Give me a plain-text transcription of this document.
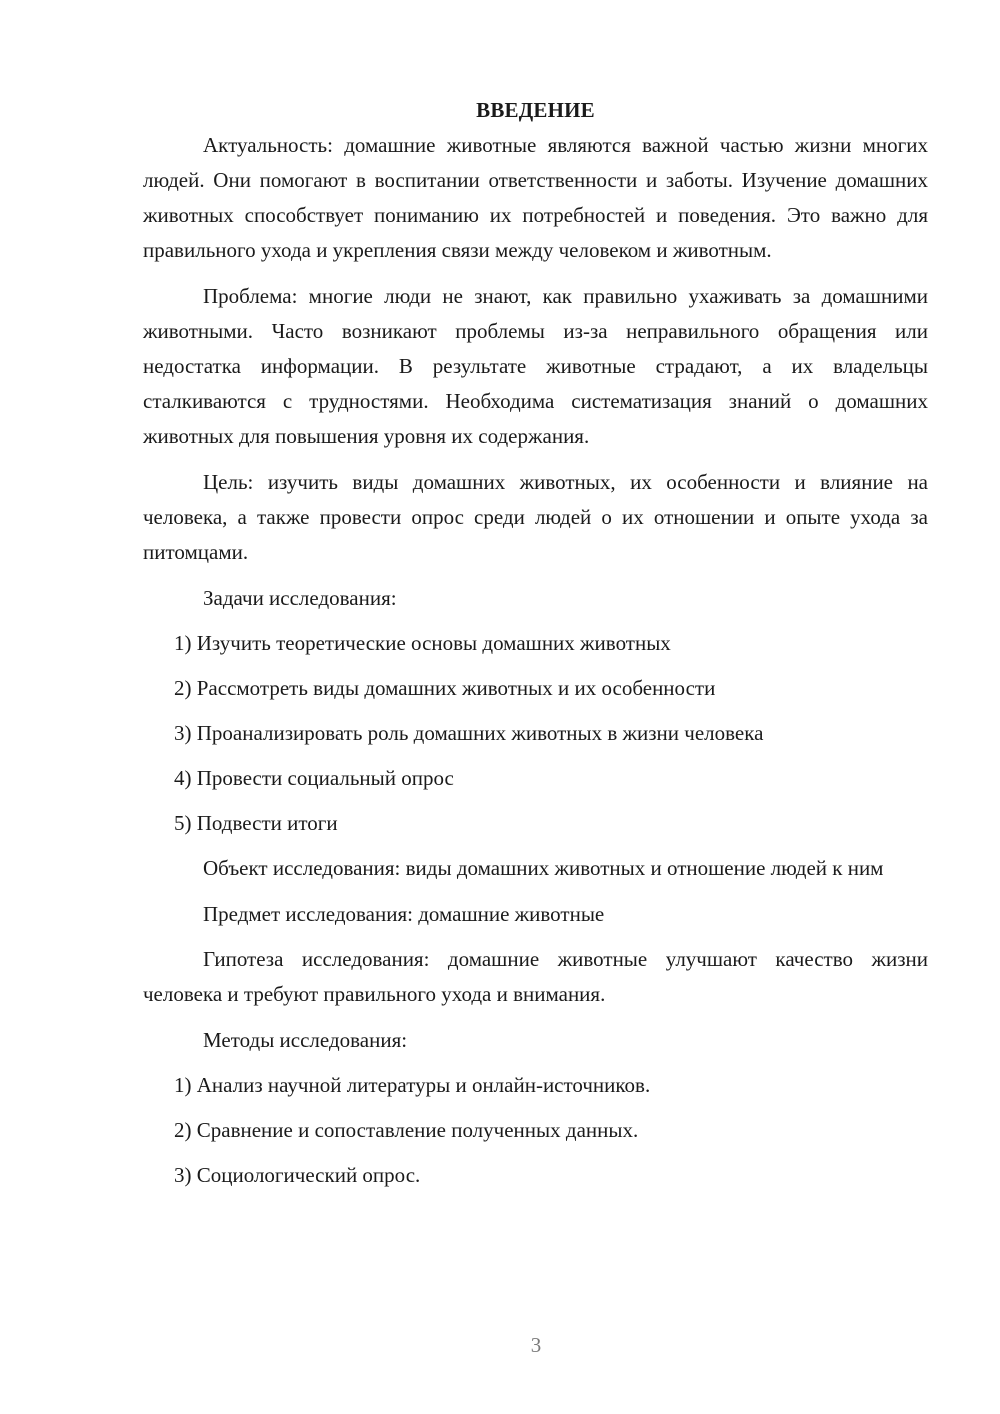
ВВЕДЕНИЕ

Актуальность: домашние животные являются важной частью жизни многих людей. Они помогают в воспитании ответственности и заботы. Изучение домашних животных способствует пониманию их потребностей и поведения. Это важно для правильного ухода и укрепления связи между человеком и животным.

Проблема: многие люди не знают, как правильно ухаживать за домашними животными. Часто возникают проблемы из-за неправильного обращения или недостатка информации. В результате животные страдают, а их владельцы сталкиваются с трудностями. Необходима систематизация знаний о домашних животных для повышения уровня их содержания.

Цель: изучить виды домашних животных, их особенности и влияние на человека, а также провести опрос среди людей о их отношении и опыте ухода за питомцами.

Задачи исследования:

1) Изучить теоретические основы домашних животных

2) Рассмотреть виды домашних животных и их особенности

3) Проанализировать роль домашних животных в жизни человека

4) Провести социальный опрос

5) Подвести итоги

Объект исследования: виды домашних животных и отношение людей к ним

Предмет исследования: домашние животные

Гипотеза исследования: домашние животные улучшают качество жизни человека и требуют правильного ухода и внимания.

Методы исследования:

1) Анализ научной литературы и онлайн-источников.

2) Сравнение и сопоставление полученных данных.

3) Социологический опрос.

3
